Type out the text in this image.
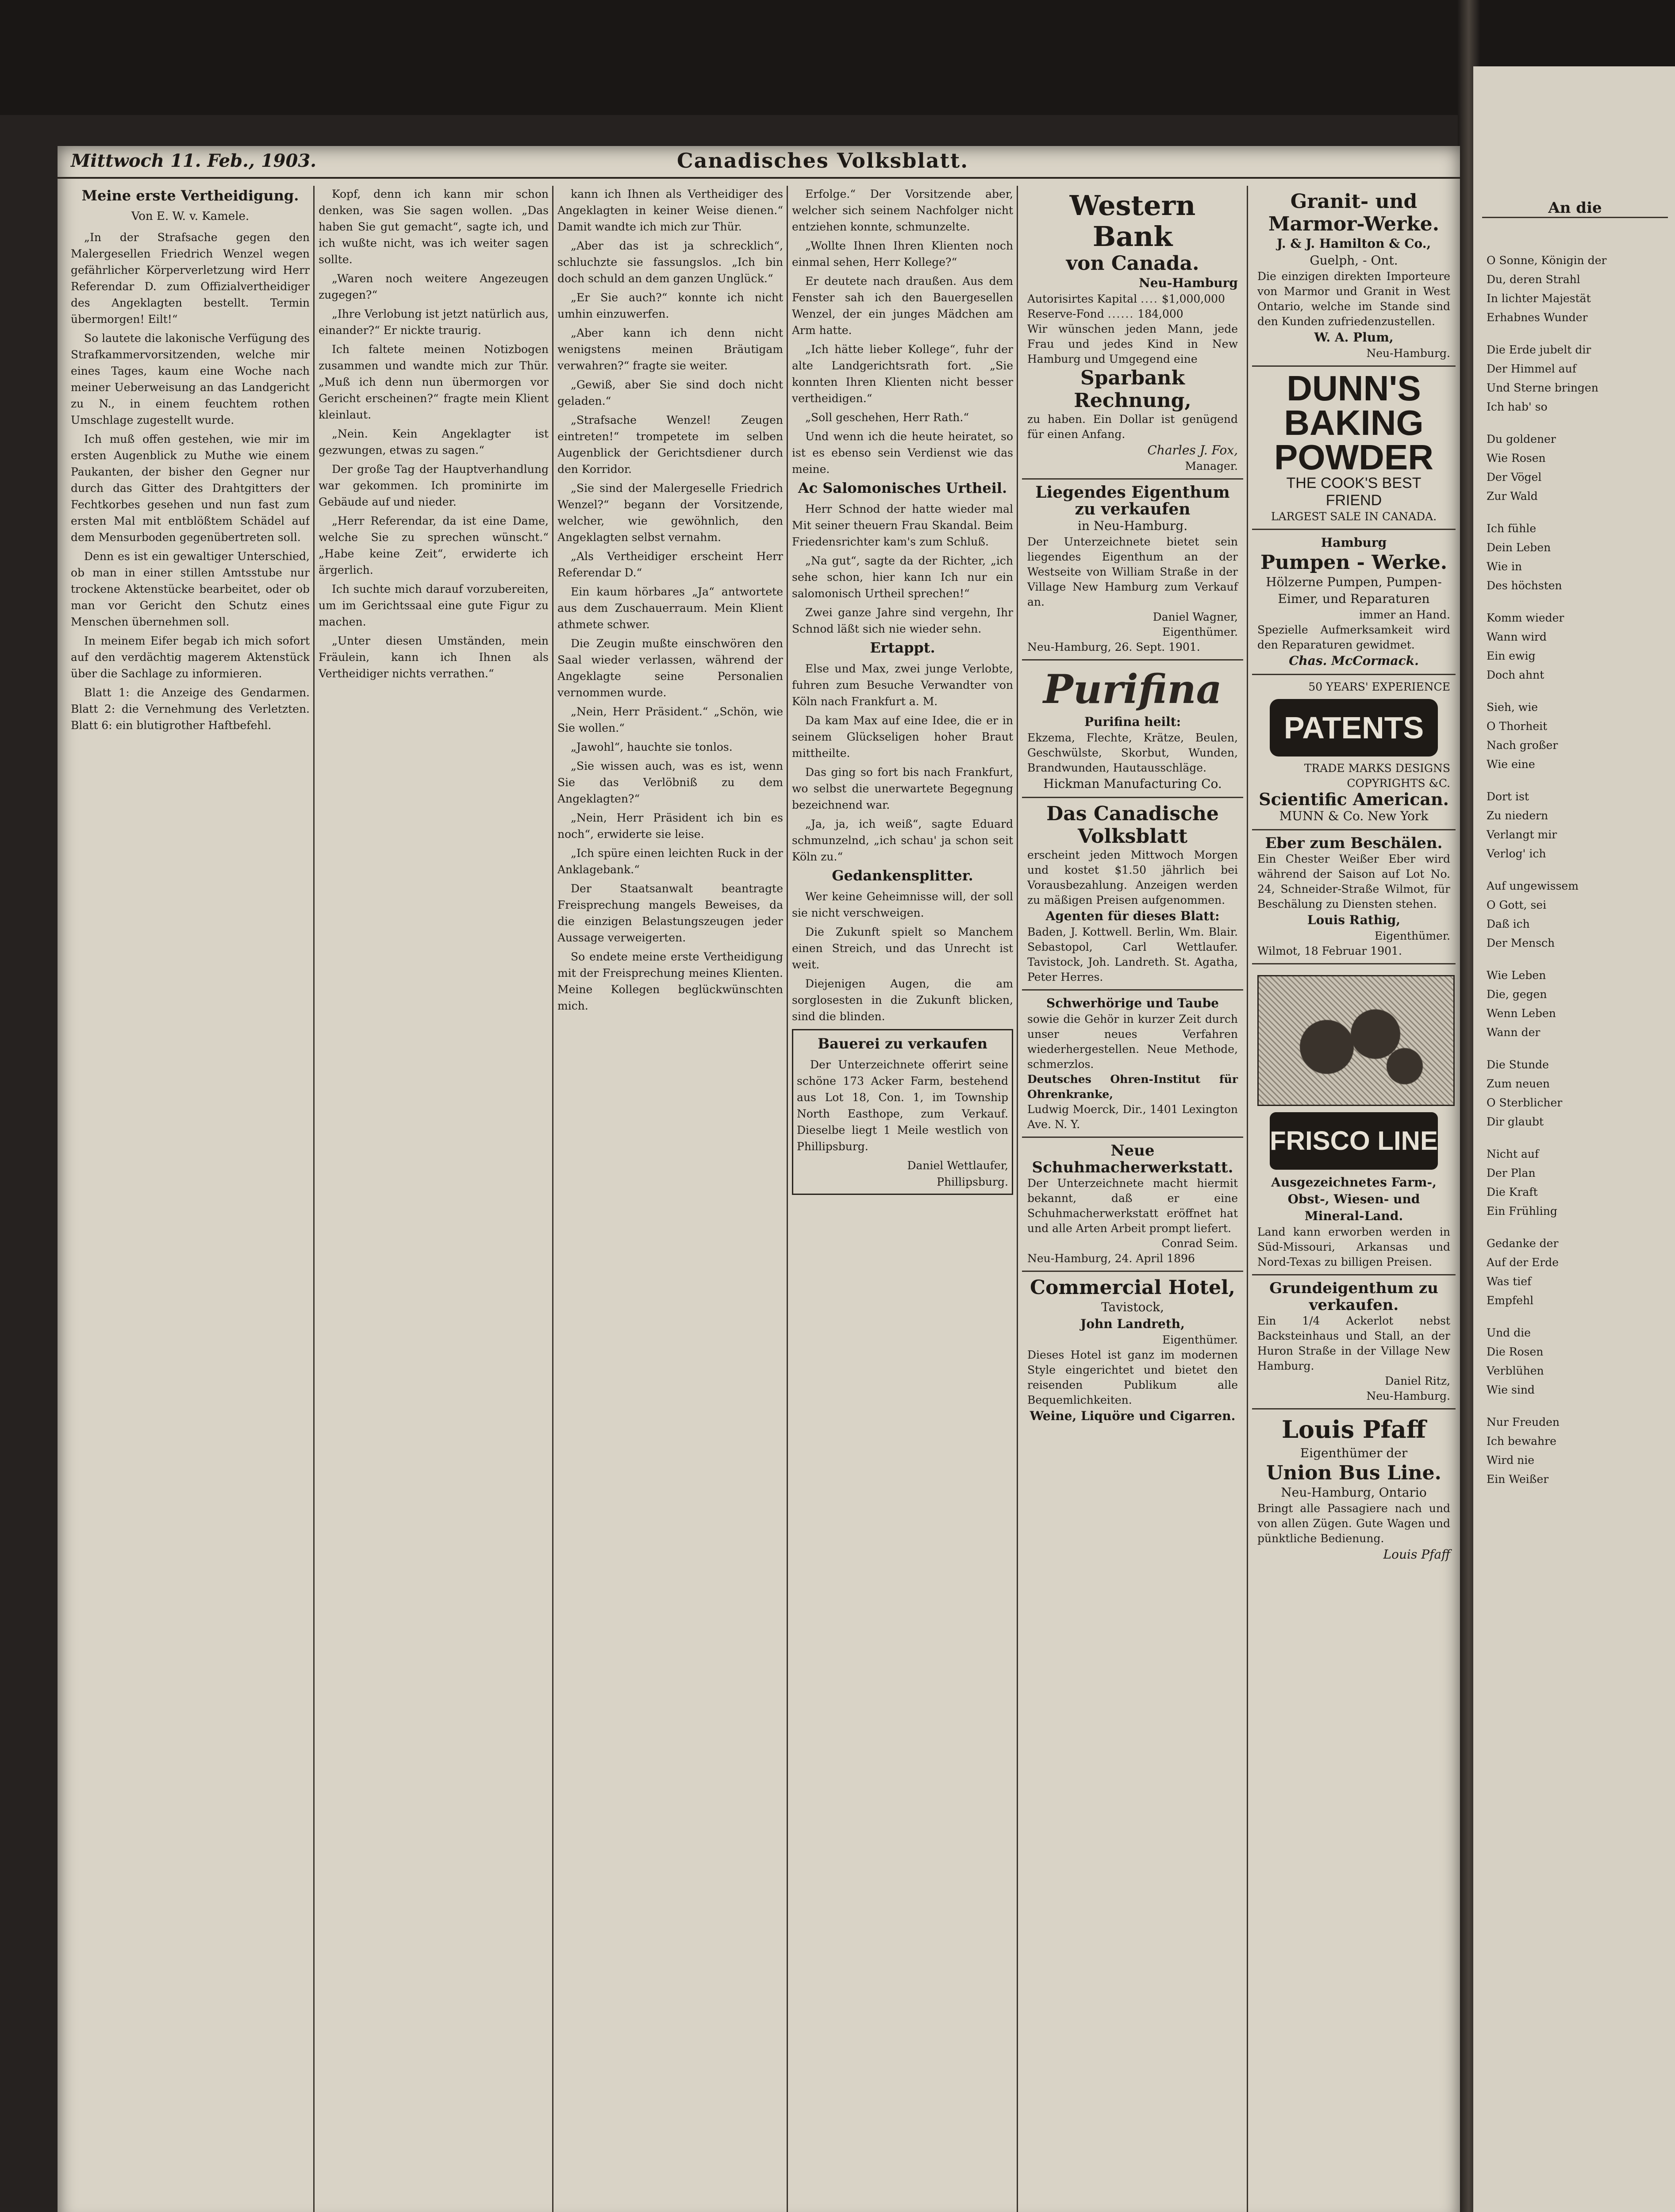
Mittwoch 11. Feb., 1903.	Canadisches Volksblatt.
Meine erste Vertheidigung.
Von E. W. v. Kamele.

„In der Strafsache gegen den Malergesellen Friedrich Wenzel wegen gefährlicher Körperverletzung wird Herr Referendar D. zum Offizialvertheidiger des Angeklagten bestellt. Termin übermorgen! Eilt!“

So lautete die lakonische Verfügung des Strafkammervorsitzenden, welche mir eines Tages, kaum eine Woche nach meiner Ueberweisung an das Landgericht zu N., in einem feuchtem rothen Umschlage zugestellt wurde.

Ich muß offen gestehen, wie mir im ersten Augenblick zu Muthe wie einem Paukanten, der bisher den Gegner nur durch das Gitter des Drahtgitters der Fechtkorbes gesehen und nun fast zum ersten Mal mit entblößtem Schädel auf dem Mensurboden gegenübertreten soll.

Denn es ist ein gewaltiger Unterschied, ob man in einer stillen Amtsstube nur trockene Aktenstücke bearbeitet, oder ob man vor Gericht den Schutz eines Menschen übernehmen soll.

In meinem Eifer begab ich mich sofort auf den verdächtig magerem Aktenstück über die Sachlage zu informieren.

Blatt 1: die Anzeige des Gendarmen. Blatt 2: die Vernehmung des Verletzten. Blatt 6: ein blutigrother Haftbefehl.

Kopf, denn ich kann mir schon denken, was Sie sagen wollen. „Das haben Sie gut gemacht“, sagte ich, und ich wußte nicht, was ich weiter sagen sollte.

„Waren noch weitere Angezeugen zugegen?“

„Ihre Verlobung ist jetzt natürlich aus, einander?“ Er nickte traurig.

Ich faltete meinen Notizbogen zusammen und wandte mich zur Thür. „Muß ich denn nun übermorgen vor Gericht erscheinen?“ fragte mein Klient kleinlaut.

„Nein. Kein Angeklagter ist gezwungen, etwas zu sagen.“

Der große Tag der Hauptverhandlung war gekommen. Ich prominirte im Gebäude auf und nieder.

„Herr Referendar, da ist eine Dame, welche Sie zu sprechen wünscht.“ „Habe keine Zeit“, erwiderte ich ärgerlich.

Ich suchte mich darauf vorzubereiten, um im Gerichtssaal eine gute Figur zu machen.

„Unter diesen Umständen, mein Fräulein, kann ich Ihnen als Vertheidiger nichts verrathen.“

kann ich Ihnen als Vertheidiger des Angeklagten in keiner Weise dienen.“ Damit wandte ich mich zur Thür.

„Aber das ist ja schrecklich“, schluchzte sie fassungslos. „Ich bin doch schuld an dem ganzen Unglück.“

„Er Sie auch?“ konnte ich nicht umhin einzuwerfen.

„Aber kann ich denn nicht wenigstens meinen Bräutigam verwahren?“ fragte sie weiter.

„Gewiß, aber Sie sind doch nicht geladen.“

„Strafsache Wenzel! Zeugen eintreten!“ trompetete im selben Augenblick der Gerichtsdiener durch den Korridor.

„Sie sind der Malergeselle Friedrich Wenzel?“ begann der Vorsitzende, welcher, wie gewöhnlich, den Angeklagten selbst vernahm.

„Als Vertheidiger erscheint Herr Referendar D.“

Ein kaum hörbares „Ja“ antwortete aus dem Zuschauerraum. Mein Klient athmete schwer.

Die Zeugin mußte einschwören den Saal wieder verlassen, während der Angeklagte seine Personalien vernommen wurde.

„Nein, Herr Präsident.“ „Schön, wie Sie wollen.“

„Jawohl“, hauchte sie tonlos.

„Sie wissen auch, was es ist, wenn Sie das Verlöbniß zu dem Angeklagten?“

„Nein, Herr Präsident ich bin es noch“, erwiderte sie leise.

„Ich spüre einen leichten Ruck in der Anklagebank.“

Der Staatsanwalt beantragte Freisprechung mangels Beweises, da die einzigen Belastungszeugen jeder Aussage verweigerten.

So endete meine erste Vertheidigung mit der Freisprechung meines Klienten. Meine Kollegen beglückwünschten mich.

Erfolge.“ Der Vorsitzende aber, welcher sich seinem Nachfolger nicht entziehen konnte, schmunzelte.

„Wollte Ihnen Ihren Klienten noch einmal sehen, Herr Kollege?“

Er deutete nach draußen. Aus dem Fenster sah ich den Bauergesellen Wenzel, der ein junges Mädchen am Arm hatte.

„Ich hätte lieber Kollege“, fuhr der alte Landgerichtsrath fort. „Sie konnten Ihren Klienten nicht besser vertheidigen.“

„Soll geschehen, Herr Rath.“

Und wenn ich die heute heiratet, so ist es ebenso sein Verdienst wie das meine.

Ac Salomonisches Urtheil.

Herr Schnod der hatte wieder mal Mit seiner theuern Frau Skandal. Beim Friedensrichter kam's zum Schluß.

„Na gut“, sagte da der Richter, „ich sehe schon, hier kann Ich nur ein salomonisch Urtheil sprechen!“

Zwei ganze Jahre sind vergehn, Ihr Schnod läßt sich nie wieder sehn.

Ertappt.

Else und Max, zwei junge Verlobte, fuhren zum Besuche Verwandter von Köln nach Frankfurt a. M.

Da kam Max auf eine Idee, die er in seinem Glückseligen hoher Braut mittheilte.

Das ging so fort bis nach Frankfurt, wo selbst die unerwartete Begegnung bezeichnend war.

„Ja, ja, ich weiß“, sagte Eduard schmunzelnd, „ich schau' ja schon seit Köln zu.“

Gedankensplitter.

Wer keine Geheimnisse will, der soll sie nicht verschweigen.

Die Zukunft spielt so Manchem einen Streich, und das Unrecht ist weit.

Diejenigen Augen, die am sorglosesten in die Zukunft blicken, sind die blinden.

Bauerei zu verkaufen

Der Unterzeichnete offerirt seine schöne 173 Acker Farm, bestehend aus Lot 18, Con. 1, im Township North Easthope, zum Verkauf. Dieselbe liegt 1 Meile westlich von Phillipsburg.

Daniel Wettlaufer,
Phillipsburg.
Western Bank
von Canada.
Neu-Hamburg
Autorisirtes Kapital .... $1,000,000
Reserve-Fond ...... 184,000
Wir wünschen jeden Mann, jede Frau und jedes Kind in New Hamburg und Umgegend eine
Sparbank Rechnung,
zu haben. Ein Dollar ist genügend für einen Anfang.
Charles J. Fox,
Manager.
Liegendes Eigenthum zu verkaufen
in Neu-Hamburg.
Der Unterzeichnete bietet sein liegendes Eigenthum an der Westseite von William Straße in der Village New Hamburg zum Verkauf an.
Daniel Wagner,
Eigenthümer.
Neu-Hamburg, 26. Sept. 1901.
Purifina
Purifina heilt:
Ekzema, Flechte, Krätze, Beulen, Geschwülste, Skorbut, Wunden, Brandwunden, Hautausschläge.
Hickman Manufacturing Co.
Das Canadische Volksblatt
erscheint jeden Mittwoch Morgen und kostet $1.50 jährlich bei Vorausbezahlung. Anzeigen werden zu mäßigen Preisen aufgenommen.
Agenten für dieses Blatt:
Baden, J. Kottwell. Berlin, Wm. Blair. Sebastopol, Carl Wettlaufer. Tavistock, Joh. Landreth. St. Agatha, Peter Herres.
Schwerhörige und Taube
sowie die Gehör in kurzer Zeit durch unser neues Verfahren wiederhergestellen. Neue Methode, schmerzlos.
Deutsches Ohren-Institut für Ohrenkranke,
Ludwig Moerck, Dir., 1401 Lexington Ave. N. Y.
Neue Schuhmacherwerkstatt.
Der Unterzeichnete macht hiermit bekannt, daß er eine Schuhmacherwerkstatt eröffnet hat und alle Arten Arbeit prompt liefert.
Conrad Seim.
Neu-Hamburg, 24. April 1896
Commercial Hotel,
Tavistock,
John Landreth,
Eigenthümer.
Dieses Hotel ist ganz im modernen Style eingerichtet und bietet den reisenden Publikum alle Bequemlichkeiten.
Weine, Liquöre und Cigarren.
Granit- und Marmor-Werke.
J. & J. Hamilton & Co.,
Guelph, - Ont.
Die einzigen direkten Importeure von Marmor und Granit in West Ontario, welche im Stande sind den Kunden zufriedenzustellen.
W. A. Plum,
Neu-Hamburg.
DUNN'S
BAKING
POWDER
THE COOK'S BEST FRIEND
LARGEST SALE IN CANADA.
Hamburg
Pumpen - Werke.
Hölzerne Pumpen, Pumpen-Eimer, und Reparaturen
immer an Hand.
Spezielle Aufmerksamkeit wird den Reparaturen gewidmet.
Chas. McCormack.
50 YEARS' EXPERIENCE
PATENTS
TRADE MARKS DESIGNS COPYRIGHTS &C.
Scientific American.
MUNN & Co. New York
Eber zum Beschälen.
Ein Chester Weißer Eber wird während der Saison auf Lot No. 24, Schneider-Straße Wilmot, für Beschälung zu Diensten stehen.
Louis Rathig,
Eigenthümer.
Wilmot, 18 Februar 1901.
FRISCO LINE
Ausgezeichnetes Farm-, Obst-, Wiesen- und Mineral-Land.
Land kann erworben werden in Süd-Missouri, Arkansas und Nord-Texas zu billigen Preisen.
Grundeigenthum zu verkaufen.
Ein 1/4 Ackerlot nebst Backsteinhaus und Stall, an der Huron Straße in der Village New Hamburg.
Daniel Ritz,
Neu-Hamburg.
Louis Pfaff
Eigenthümer der
Union Bus Line.
Neu-Hamburg, Ontario
Bringt alle Passagiere nach und von allen Zügen. Gute Wagen und pünktliche Bedienung.
Louis Pfaff
An die
O Sonne, Königin der
Du, deren Strahl
In lichter Majestät
Erhabnes Wunder
Die Erde jubelt dir
Der Himmel auf
Und Sterne bringen
Ich hab' so
Du goldener
Wie Rosen
Der Vögel
Zur Wald
Ich fühle
Dein Leben
Wie in
Des höchsten
Komm wieder
Wann wird
Ein ewig
Doch ahnt
Sieh, wie
O Thorheit
Nach großer
Wie eine
Dort ist
Zu niedern
Verlangt mir
Verlog' ich
Auf ungewissem
O Gott, sei
Daß ich
Der Mensch
Wie Leben
Die, gegen
Wenn Leben
Wann der
Die Stunde
Zum neuen
O Sterblicher
Dir glaubt
Nicht auf
Der Plan
Die Kraft
Ein Frühling
Gedanke der
Auf der Erde
Was tief
Empfehl
Und die
Die Rosen
Verblühen
Wie sind
Nur Freuden
Ich bewahre
Wird nie
Ein Weißer
